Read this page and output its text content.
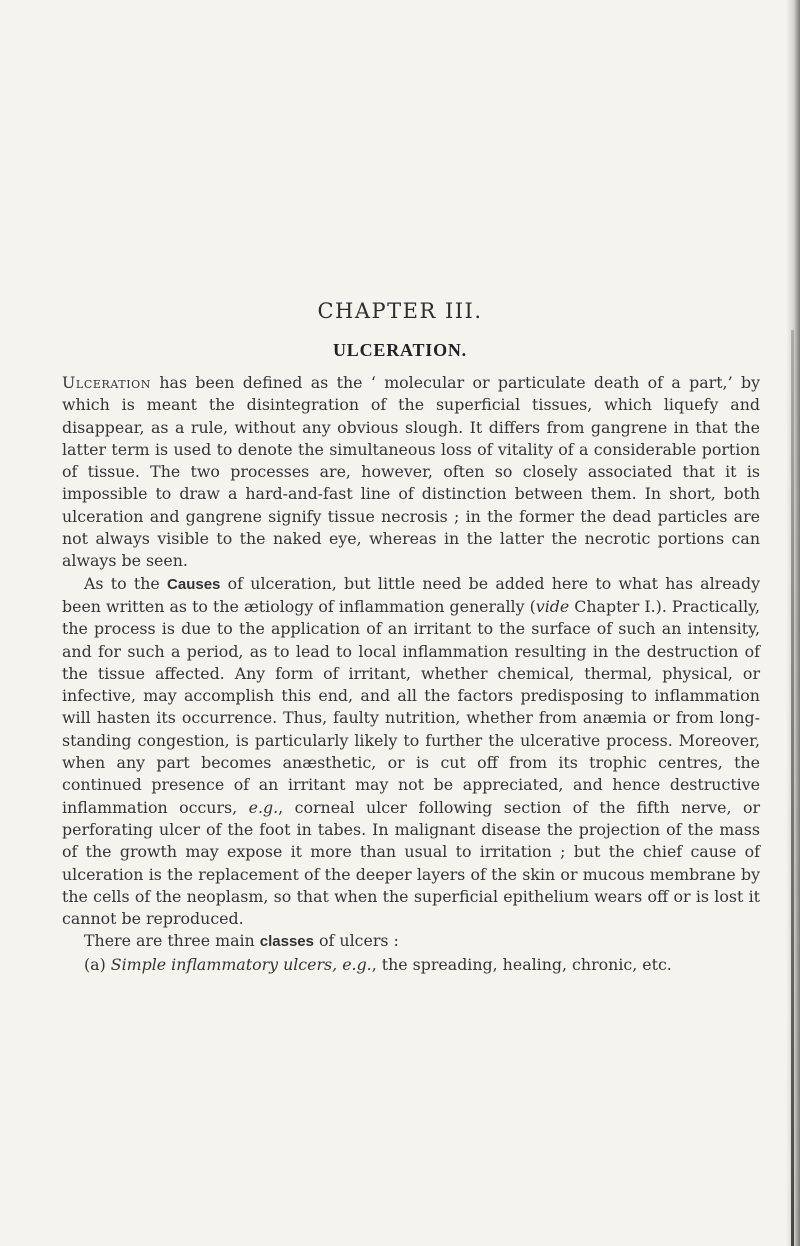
CHAPTER III.
ULCERATION.

Ulceration has been defined as the ‘ molecular or particulate death of a part,’ by which is meant the disintegration of the superficial tissues, which liquefy and disappear, as a rule, without any obvious slough. It differs from gangrene in that the latter term is used to denote the simultaneous loss of vitality of a considerable portion of tissue. The two processes are, however, often so closely associated that it is impossible to draw a hard-and-fast line of distinction between them. In short, both ulceration and gangrene signify tissue necrosis ; in the former the dead particles are not always visible to the naked eye, whereas in the latter the necrotic portions can always be seen.

As to the Causes of ulceration, but little need be added here to what has already been written as to the ætiology of inflammation generally (vide Chapter I.). Practically, the process is due to the application of an irritant to the surface of such an intensity, and for such a period, as to lead to local inflammation resulting in the destruction of the tissue affected. Any form of irritant, whether chemical, thermal, physical, or infective, may accomplish this end, and all the factors predisposing to inflammation will hasten its occurrence. Thus, faulty nutrition, whether from anæmia or from long-standing congestion, is particularly likely to further the ulcerative process. Moreover, when any part becomes anæsthetic, or is cut off from its trophic centres, the continued presence of an irritant may not be appreciated, and hence destructive inflammation occurs, e.g., corneal ulcer following section of the fifth nerve, or perforating ulcer of the foot in tabes. In malignant disease the projection of the mass of the growth may expose it more than usual to irritation ; but the chief cause of ulceration is the replacement of the deeper layers of the skin or mucous membrane by the cells of the neoplasm, so that when the superficial epithelium wears off or is lost it cannot be reproduced.

There are three main classes of ulcers :

(a) Simple inflammatory ulcers, e.g., the spreading, healing, chronic, etc.
